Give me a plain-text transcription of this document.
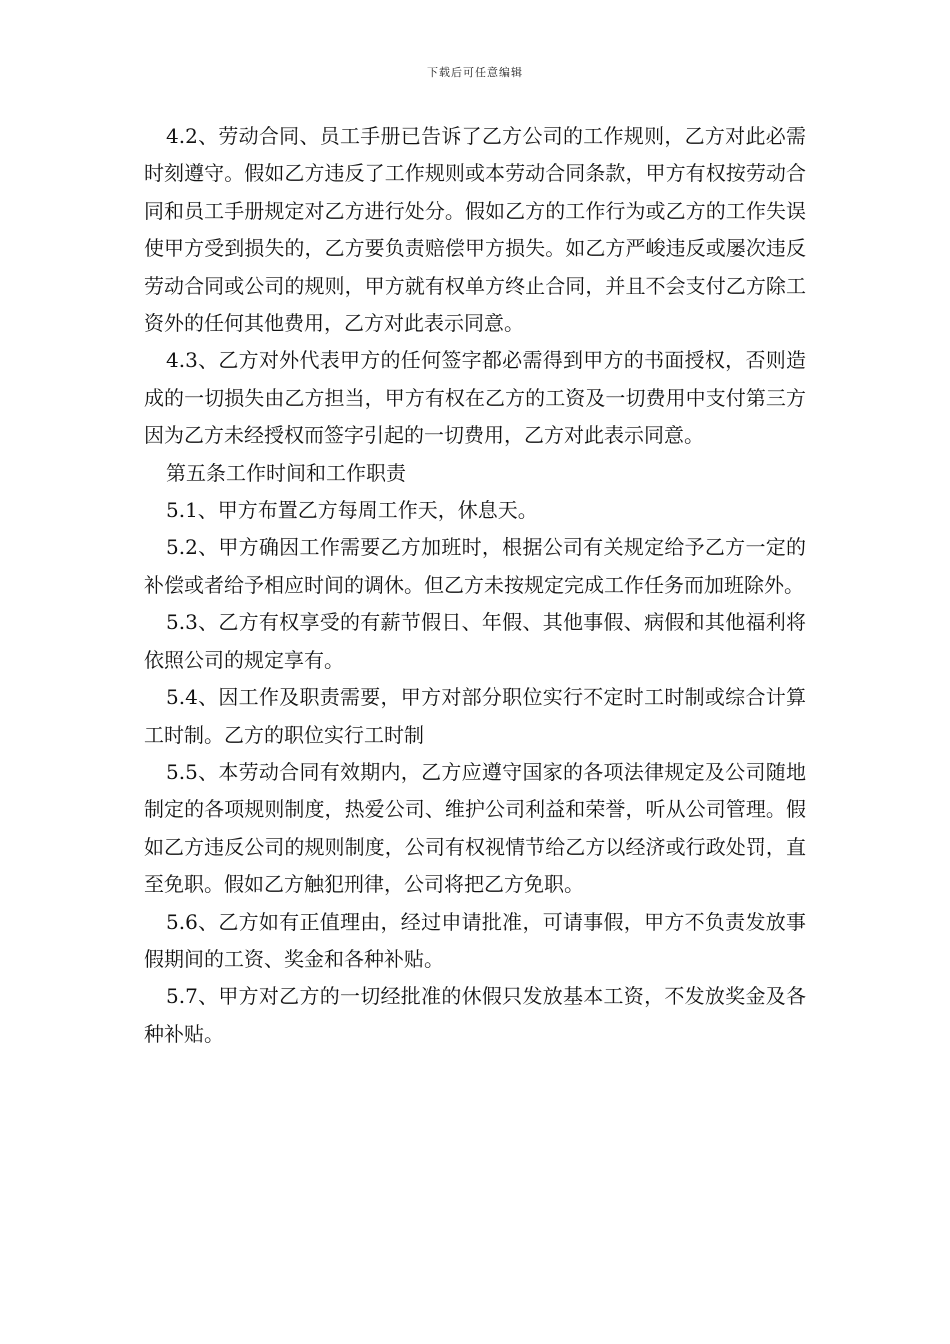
下载后可任意编辑

4.2、劳动合同、员工手册已告诉了乙方公司的工作规则，乙方对此必需时刻遵守。假如乙方违反了工作规则或本劳动合同条款，甲方有权按劳动合同和员工手册规定对乙方进行处分。假如乙方的工作行为或乙方的工作失误使甲方受到损失的，乙方要负责赔偿甲方损失。如乙方严峻违反或屡次违反劳动合同或公司的规则，甲方就有权单方终止合同，并且不会支付乙方除工资外的任何其他费用，乙方对此表示同意。

4.3、乙方对外代表甲方的任何签字都必需得到甲方的书面授权，否则造成的一切损失由乙方担当，甲方有权在乙方的工资及一切费用中支付第三方因为乙方未经授权而签字引起的一切费用，乙方对此表示同意。

第五条工作时间和工作职责

5.1、甲方布置乙方每周工作天，休息天。

5.2、甲方确因工作需要乙方加班时，根据公司有关规定给予乙方一定的补偿或者给予相应时间的调休。但乙方未按规定完成工作任务而加班除外。

5.3、乙方有权享受的有薪节假日、年假、其他事假、病假和其他福利将依照公司的规定享有。

5.4、因工作及职责需要，甲方对部分职位实行不定时工时制或综合计算工时制。乙方的职位实行工时制

5.5、本劳动合同有效期内，乙方应遵守国家的各项法律规定及公司随地制定的各项规则制度，热爱公司、维护公司利益和荣誉，听从公司管理。假如乙方违反公司的规则制度，公司有权视情节给乙方以经济或行政处罚，直至免职。假如乙方触犯刑律，公司将把乙方免职。

5.6、乙方如有正值理由，经过申请批准，可请事假，甲方不负责发放事假期间的工资、奖金和各种补贴。

5.7、甲方对乙方的一切经批准的休假只发放基本工资，不发放奖金及各种补贴。
